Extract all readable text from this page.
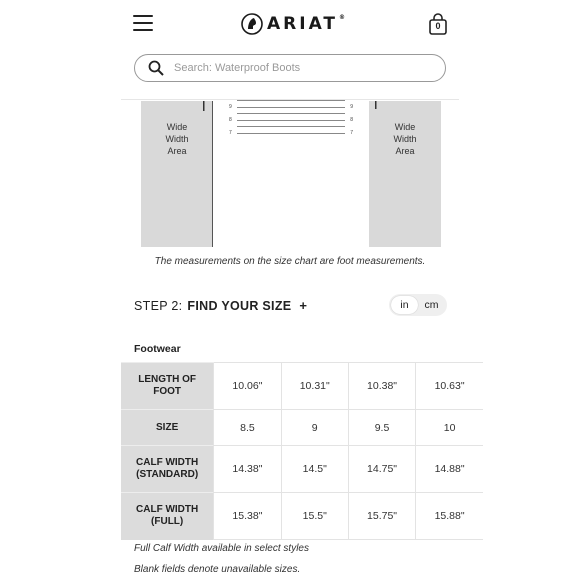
ARIAT®
0
Search: Waterproof Boots
Wide
Width
Area
Wide
Width
Area
9	9
8	8
7	7
The measurements on the size chart are foot measurements.
STEP 2: FIND YOUR SIZE +	in	cm
Footwear
LENGTH OF FOOT	10.06"	10.31"	10.38"	10.63"
SIZE	8.5	9	9.5	10
CALF WIDTH (STANDARD)	14.38"	14.5"	14.75"	14.88"
CALF WIDTH (FULL)	15.38"	15.5"	15.75"	15.88"
Full Calf Width available in select styles
Blank fields denote unavailable sizes.
